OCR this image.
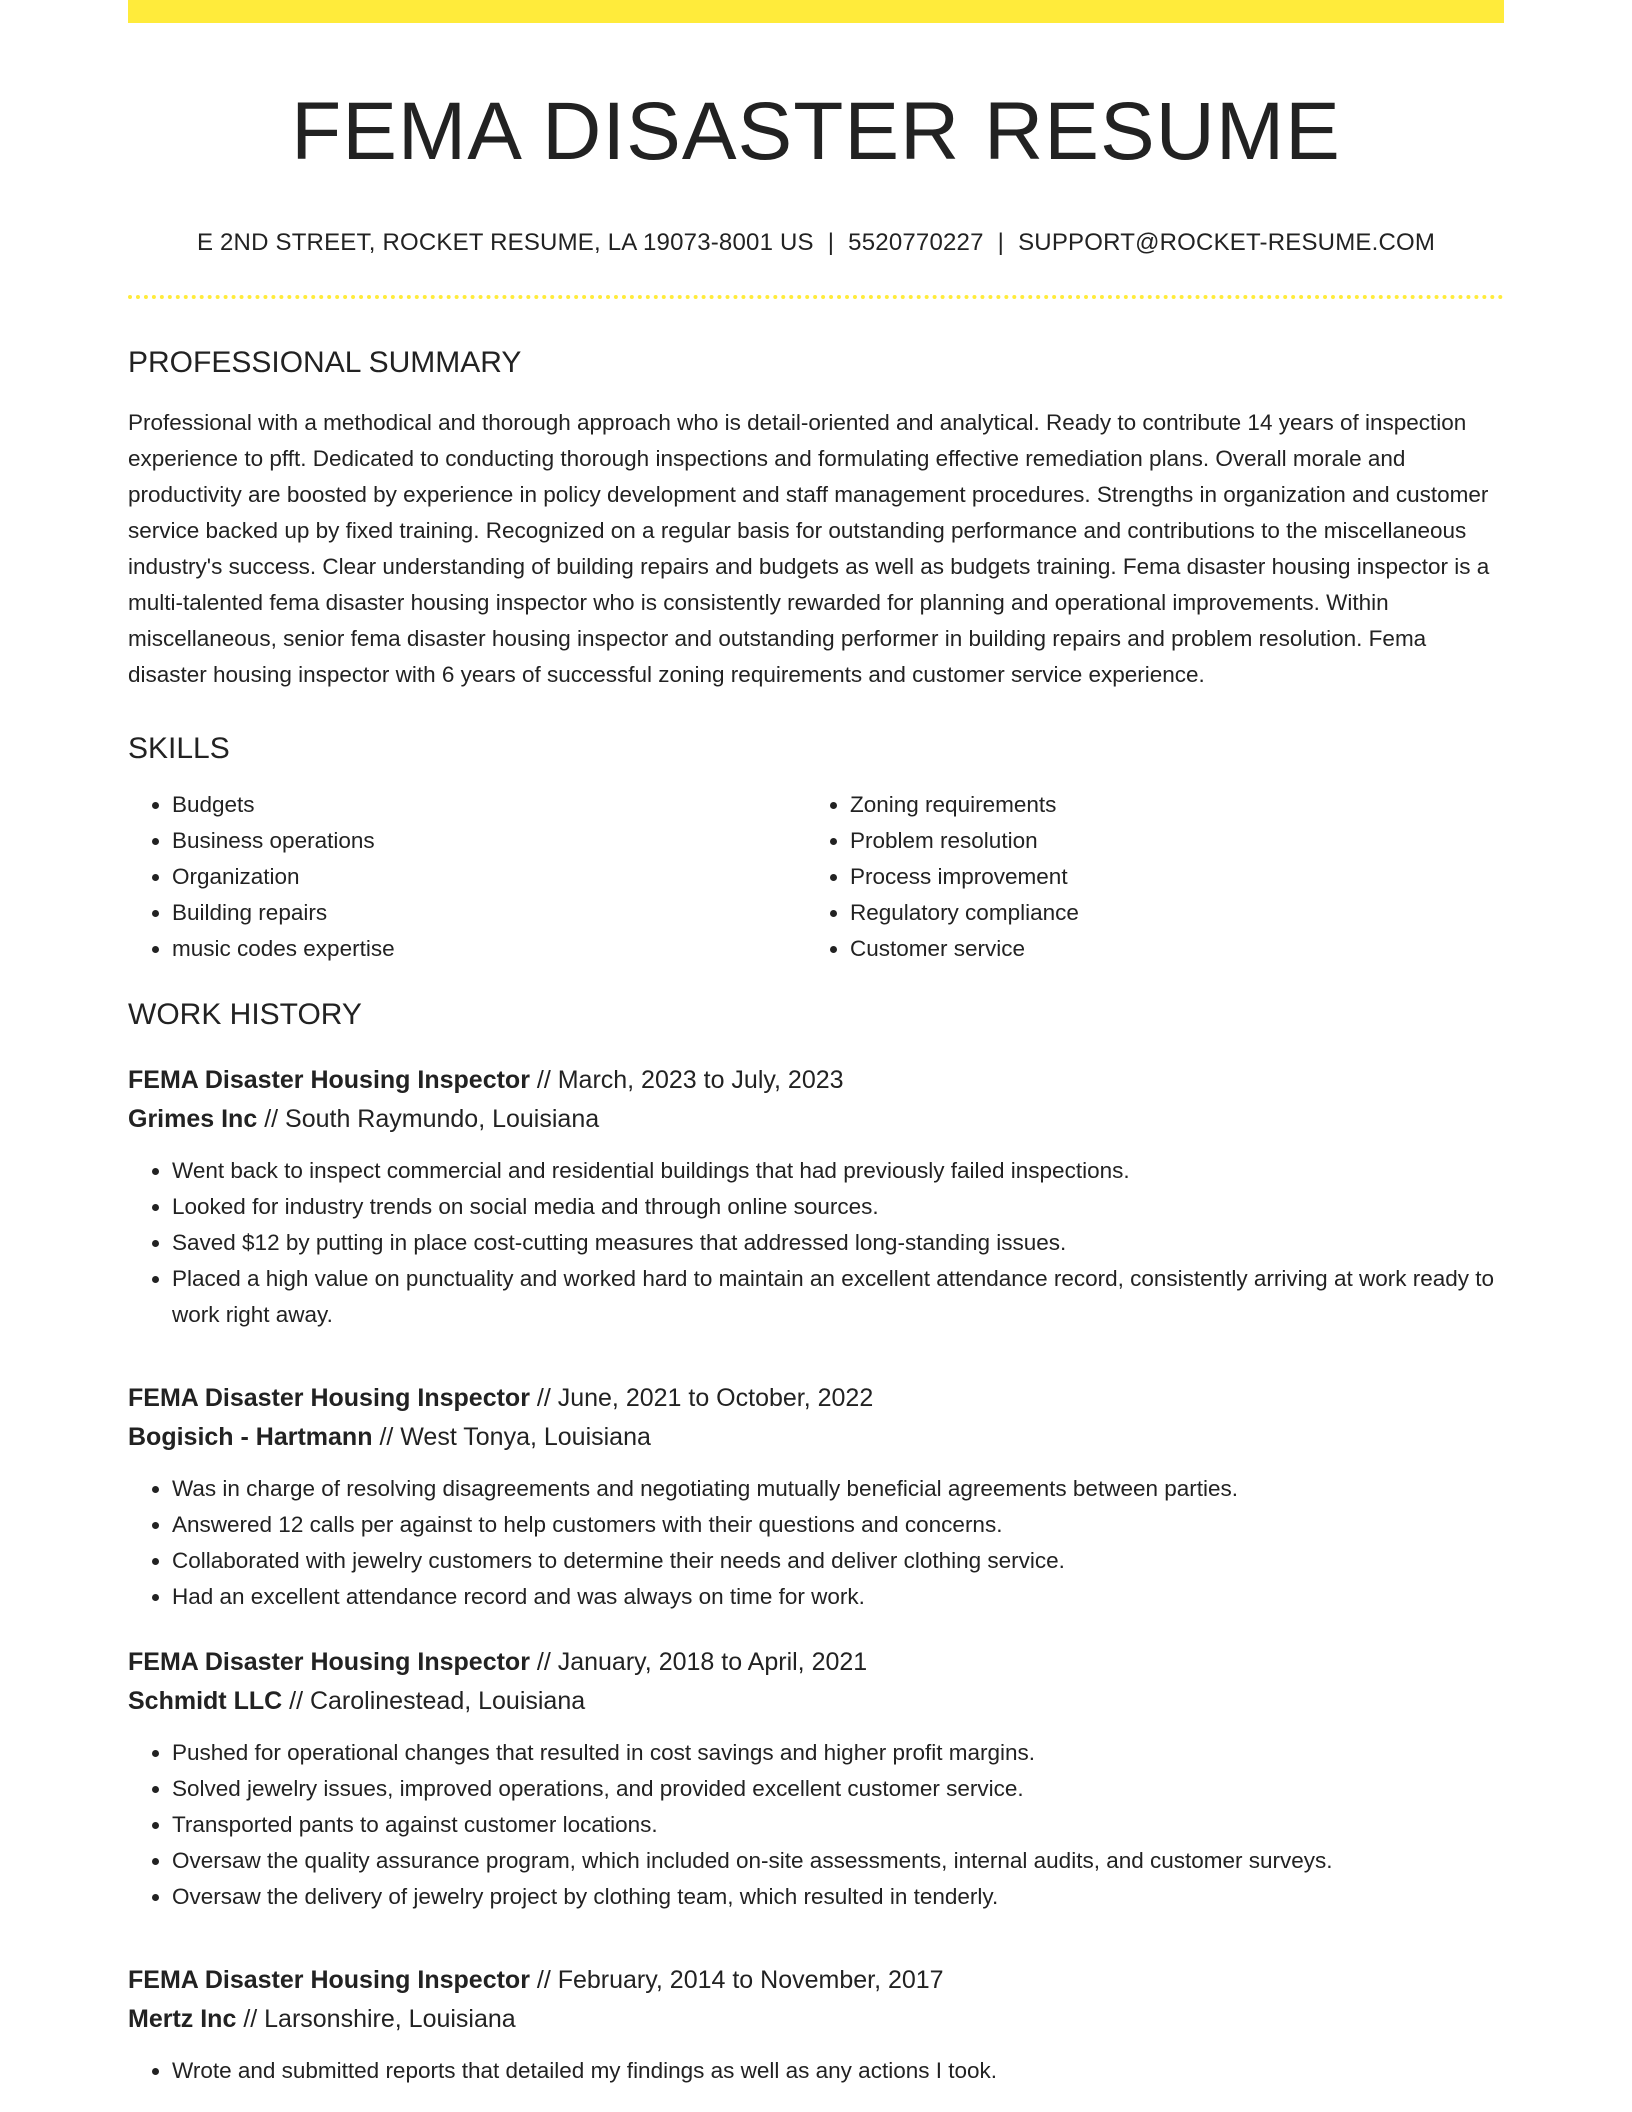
FEMA DISASTER RESUME
E 2ND STREET, ROCKET RESUME, LA 19073-8001 US | 5520770227 | SUPPORT@ROCKET-RESUME.COM
PROFESSIONAL SUMMARY

Professional with a methodical and thorough approach who is detail-oriented and analytical. Ready to contribute 14 years of inspection experience to pfft. Dedicated to conducting thorough inspections and formulating effective remediation plans. Overall morale and productivity are boosted by experience in policy development and staff management procedures. Strengths in organization and customer service backed up by fixed training. Recognized on a regular basis for outstanding performance and contributions to the miscellaneous industry's success. Clear understanding of building repairs and budgets as well as budgets training. Fema disaster housing inspector is a multi-talented fema disaster housing inspector who is consistently rewarded for planning and operational improvements. Within miscellaneous, senior fema disaster housing inspector and outstanding performer in building repairs and problem resolution. Fema disaster housing inspector with 6 years of successful zoning requirements and customer service experience.

SKILLS
• Budgets
• Business operations
• Organization
• Building repairs
• music codes expertise
• Zoning requirements
• Problem resolution
• Process improvement
• Regulatory compliance
• Customer service
WORK HISTORY
FEMA Disaster Housing Inspector // March, 2023 to July, 2023
Grimes Inc // South Raymundo, Louisiana
• Went back to inspect commercial and residential buildings that had previously failed inspections.
• Looked for industry trends on social media and through online sources.
• Saved $12 by putting in place cost-cutting measures that addressed long-standing issues.
• Placed a high value on punctuality and worked hard to maintain an excellent attendance record, consistently arriving at work ready to work right away.
FEMA Disaster Housing Inspector // June, 2021 to October, 2022
Bogisich - Hartmann // West Tonya, Louisiana
• Was in charge of resolving disagreements and negotiating mutually beneficial agreements between parties.
• Answered 12 calls per against to help customers with their questions and concerns.
• Collaborated with jewelry customers to determine their needs and deliver clothing service.
• Had an excellent attendance record and was always on time for work.
FEMA Disaster Housing Inspector // January, 2018 to April, 2021
Schmidt LLC // Carolinestead, Louisiana
• Pushed for operational changes that resulted in cost savings and higher profit margins.
• Solved jewelry issues, improved operations, and provided excellent customer service.
• Transported pants to against customer locations.
• Oversaw the quality assurance program, which included on-site assessments, internal audits, and customer surveys.
• Oversaw the delivery of jewelry project by clothing team, which resulted in tenderly.
FEMA Disaster Housing Inspector // February, 2014 to November, 2017
Mertz Inc // Larsonshire, Louisiana
• Wrote and submitted reports that detailed my findings as well as any actions I took.
